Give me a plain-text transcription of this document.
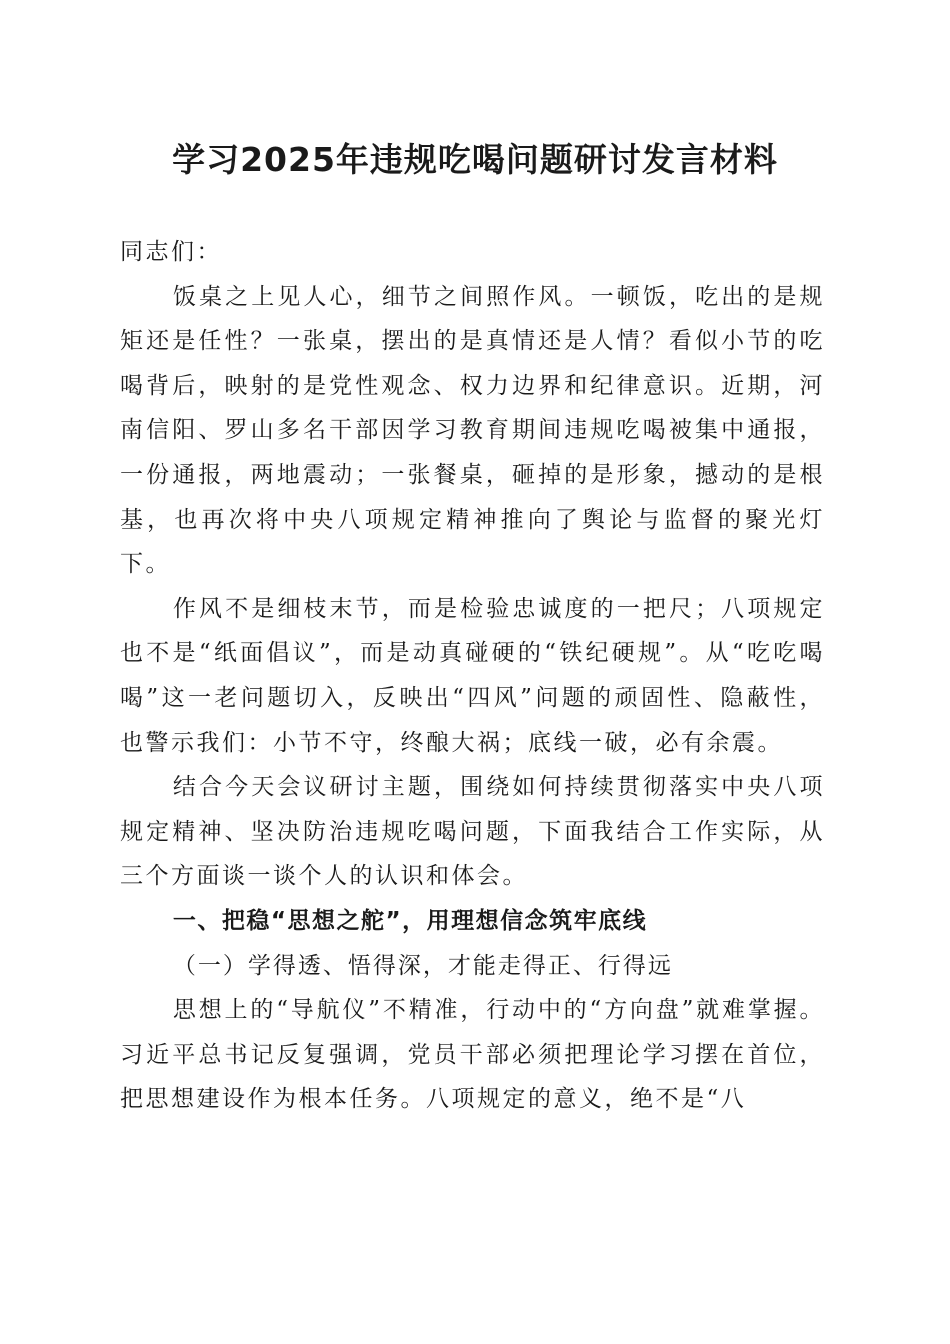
学习2025年违规吃喝问题研讨发言材料

同志们：

饭桌之上见人心，细节之间照作风。一顿饭，吃出的是规矩还是任性？一张桌，摆出的是真情还是人情？看似小节的吃喝背后，映射的是党性观念、权力边界和纪律意识。近期，河南信阳、罗山多名干部因学习教育期间违规吃喝被集中通报，一份通报，两地震动；一张餐桌，砸掉的是形象，撼动的是根基，也再次将中央八项规定精神推向了舆论与监督的聚光灯下。

作风不是细枝末节，而是检验忠诚度的一把尺；八项规定也不是“纸面倡议”，而是动真碰硬的“铁纪硬规”。从“吃吃喝喝”这一老问题切入，反映出“四风”问题的顽固性、隐蔽性，也警示我们：小节不守，终酿大祸；底线一破，必有余震。

结合今天会议研讨主题，围绕如何持续贯彻落实中央八项规定精神、坚决防治违规吃喝问题，下面我结合工作实际，从三个方面谈一谈个人的认识和体会。

一、把稳“思想之舵”，用理想信念筑牢底线

（一）学得透、悟得深，才能走得正、行得远

思想上的“导航仪”不精准，行动中的“方向盘”就难掌握。习近平总书记反复强调，党员干部必须把理论学习摆在首位，把思想建设作为根本任务。八项规定的意义，绝不是“八
